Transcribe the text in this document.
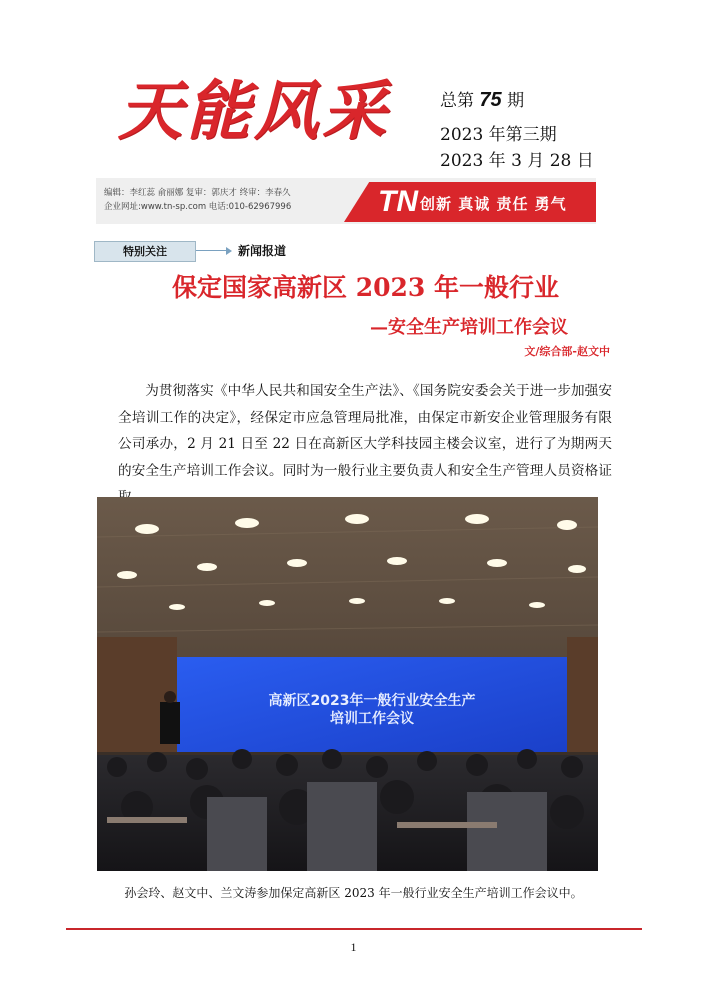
天能风采	总第 75 期
2023 年第三期
2023 年 3 月 28 日
编辑：李红蕊 俞丽娜 复审：郭庆才 终审：李春久
企业网址:www.tn-sp.com 电话:010-62967996	TN 创新 真诚 责任 勇气
特别关注	新闻报道
保定国家高新区 2023 年一般行业
—安全生产培训工作会议
文/综合部-赵文中
为贯彻落实《中华人民共和国安全生产法》、《国务院安委会关于进一步加强安全培训工作的决定》，经保定市应急管理局批准，由保定市新安企业管理服务有限公司承办，2 月 21 日至 22 日在高新区大学科技园主楼会议室，进行了为期两天的安全生产培训工作会议。同时为一般行业主要负责人和安全生产管理人员资格证
高新区2023年一般行业安全生产
培训工作会议
孙会玲、赵文中、兰文涛参加保定高新区 2023 年一般行业安全生产培训工作会议中。
1
